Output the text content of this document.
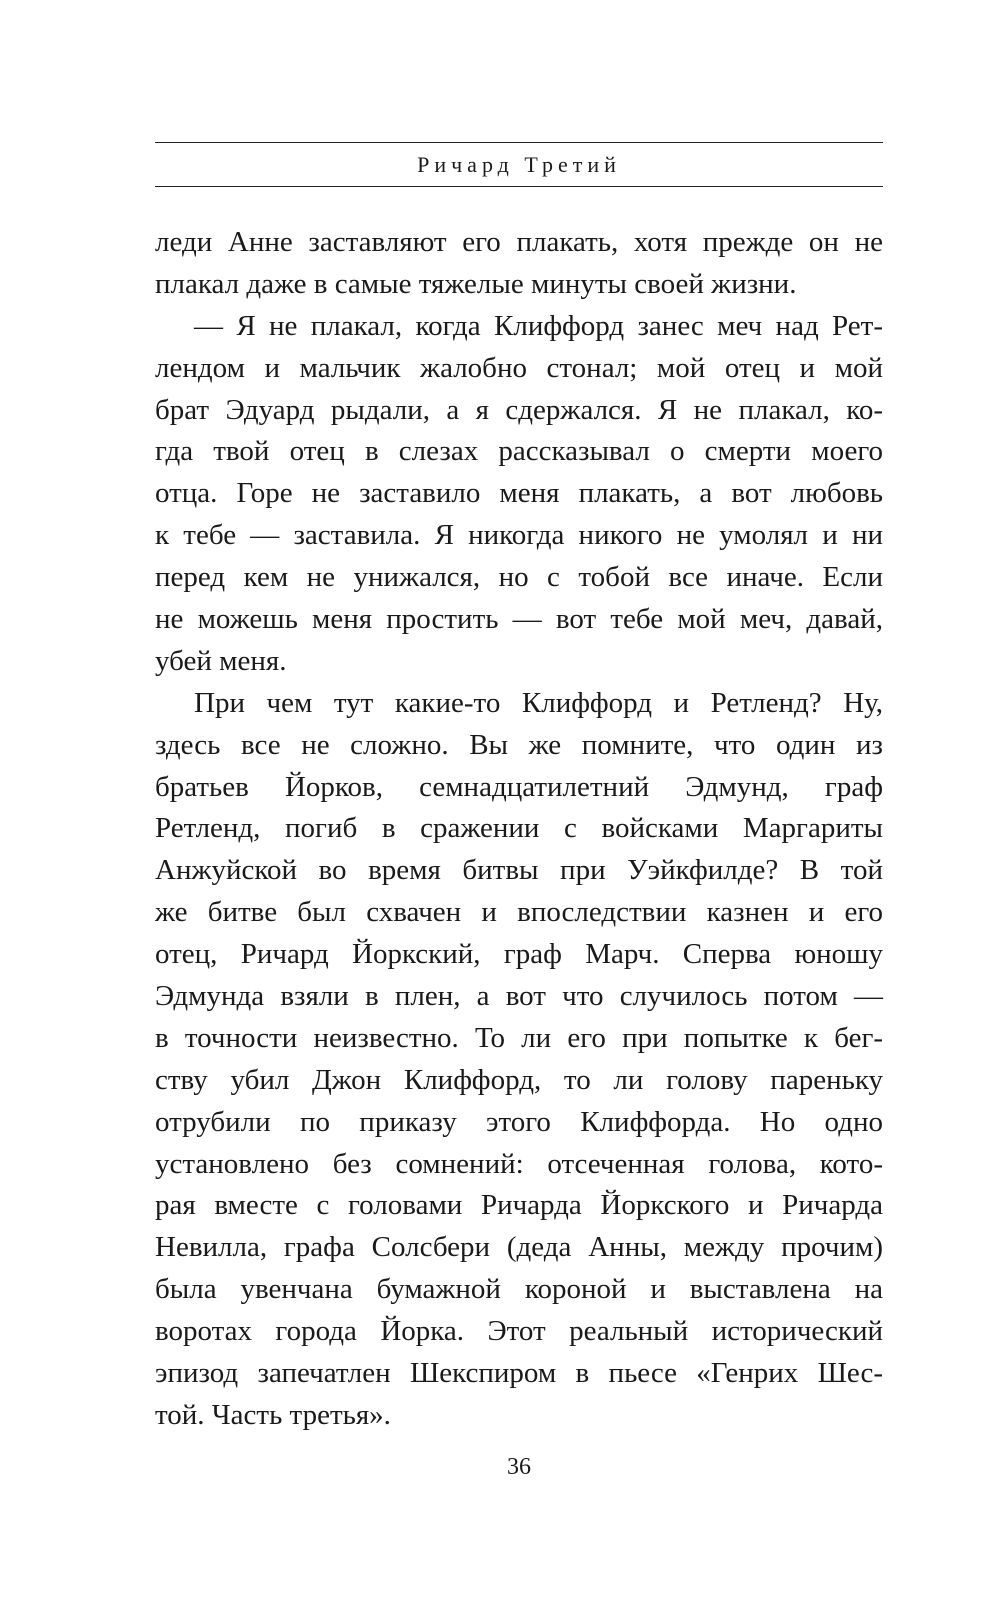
Ричард Третий
леди Анне заставляют его плакать, хотя прежде он не
плакал даже в самые тяжелые минуты своей жизни.
— Я не плакал, когда Клиффорд занес меч над Рет-
лендом и мальчик жалобно стонал; мой отец и мой
брат Эдуард рыдали, а я сдержался. Я не плакал, ко-
гда твой отец в слезах рассказывал о смерти моего
отца. Горе не заставило меня плакать, а вот любовь
к тебе — заставила. Я никогда никого не умолял и ни
перед кем не унижался, но с тобой все иначе. Если
не можешь меня простить — вот тебе мой меч, давай,
убей меня.
При чем тут какие-то Клиффорд и Ретленд? Ну,
здесь все не сложно. Вы же помните, что один из
братьев Йорков, семнадцатилетний Эдмунд, граф
Ретленд, погиб в сражении с войсками Маргариты
Анжуйской во время битвы при Уэйкфилде? В той
же битве был схвачен и впоследствии казнен и его
отец, Ричард Йоркский, граф Марч. Сперва юношу
Эдмунда взяли в плен, а вот что случилось потом —
в точности неизвестно. То ли его при попытке к бег-
ству убил Джон Клиффорд, то ли голову пареньку
отрубили по приказу этого Клиффорда. Но одно
установлено без сомнений: отсеченная голова, кото-
рая вместе с головами Ричарда Йоркского и Ричарда
Невилла, графа Солсбери (деда Анны, между прочим)
была увенчана бумажной короной и выставлена на
воротах города Йорка. Этот реальный исторический
эпизод запечатлен Шекспиром в пьесе «Генрих Шес-
той. Часть третья».
36
